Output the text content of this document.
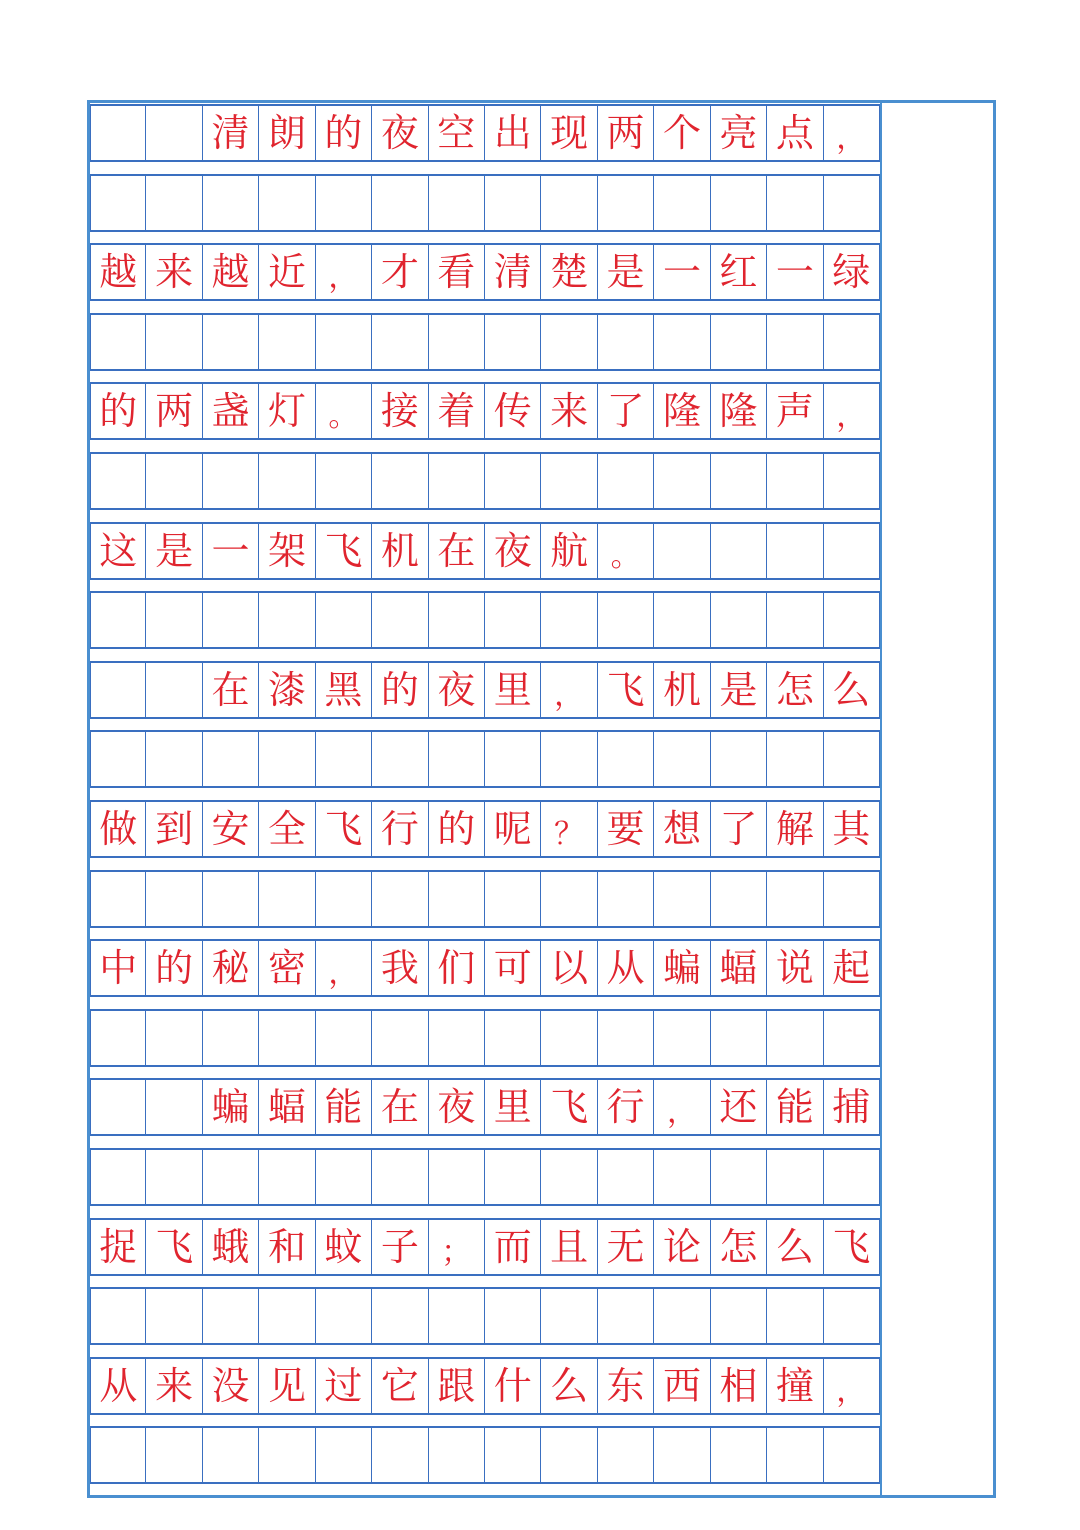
清 朗 的 夜 空 出 现 两 个 亮 点 ，
越 来 越 近 ， 才 看 清 楚 是 一 红 一 绿
的 两 盏 灯 。 接 着 传 来 了 隆 隆 声 ，
这 是 一 架 飞 机 在 夜 航 。
在 漆 黑 的 夜 里 ， 飞 机 是 怎 么
做 到 安 全 飞 行 的 呢 ？ 要 想 了 解 其
中 的 秘 密 ， 我 们 可 以 从 蝙 蝠 说 起
蝙 蝠 能 在 夜 里 飞 行 ， 还 能 捕
捉 飞 蛾 和 蚊 子 ； 而 且 无 论 怎 么 飞
从 来 没 见 过 它 跟 什 么 东 西 相 撞 ，
